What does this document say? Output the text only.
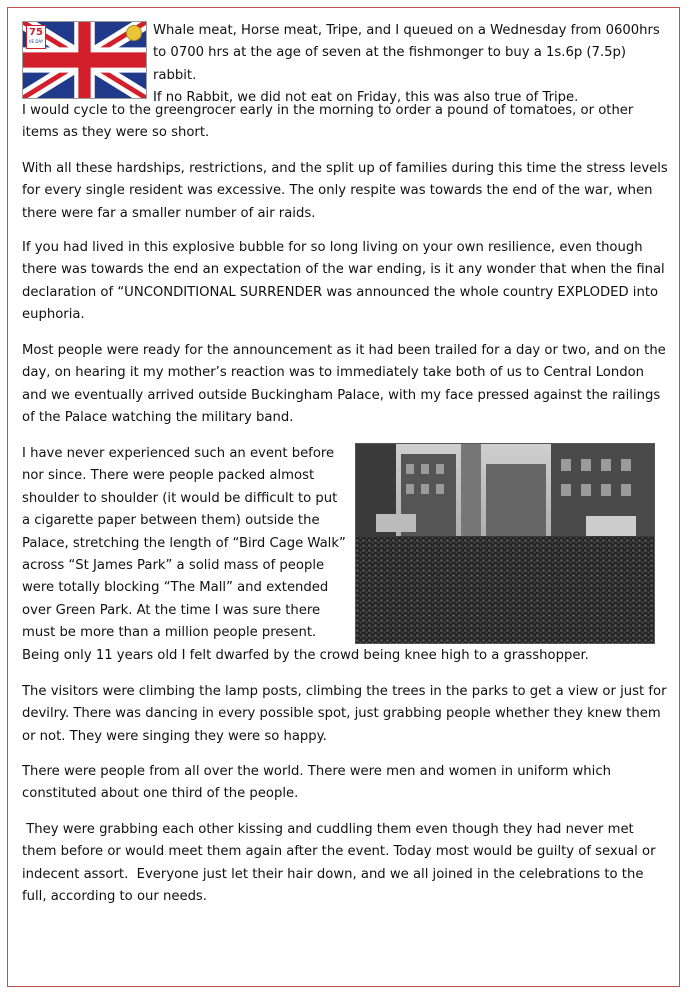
75
VE DAY
Whale meat, Horse meat, Tripe, and I queued on a Wednesday from 0600hrs
to 0700 hrs at the age of seven at the fishmonger to buy a 1s.6p (7.5p) rabbit.
If no Rabbit, we did not eat on Friday, this was also true of Tripe.

I would cycle to the greengrocer early in the morning to order a pound of tomatoes, or other items as they were so short.

With all these hardships, restrictions, and the split up of families during this time the stress levels for every single resident was excessive. The only respite was towards the end of the war, when there were far a smaller number of air raids.

If you had lived in this explosive bubble for so long living on your own resilience, even though there was towards the end an expectation of the war ending, is it any wonder that when the final declaration of “UNCONDITIONAL SURRENDER was announced the whole country EXPLODED into euphoria.

Most people were ready for the announcement as it had been trailed for a day or two, and on the day, on hearing it my mother’s reaction was to immediately take both of us to Central London and we eventually arrived outside Buckingham Palace, with my face pressed against the railings of the Palace watching the military band.

I have never experienced such an event before
nor since. There were people packed almost
shoulder to shoulder (it would be difficult to put
a cigarette paper between them) outside the
Palace, stretching the length of “Bird Cage Walk”
across “St James Park” a solid mass of people
were totally blocking “The Mall” and extended
over Green Park. At the time I was sure there
must be more than a million people present.
Being only 11 years old I felt dwarfed by the crowd being knee high to a grasshopper.

The visitors were climbing the lamp posts, climbing the trees in the parks to get a view or just for devilry. There was dancing in every possible spot, just grabbing people whether they knew them or not. They were singing they were so happy.

There were people from all over the world. There were men and women in uniform which constituted about one third of the people.

They were grabbing each other kissing and cuddling them even though they had never met them before or would meet them again after the event. Today most would be guilty of sexual or indecent assort.  Everyone just let their hair down, and we all joined in the celebrations to the full, according to our needs.
